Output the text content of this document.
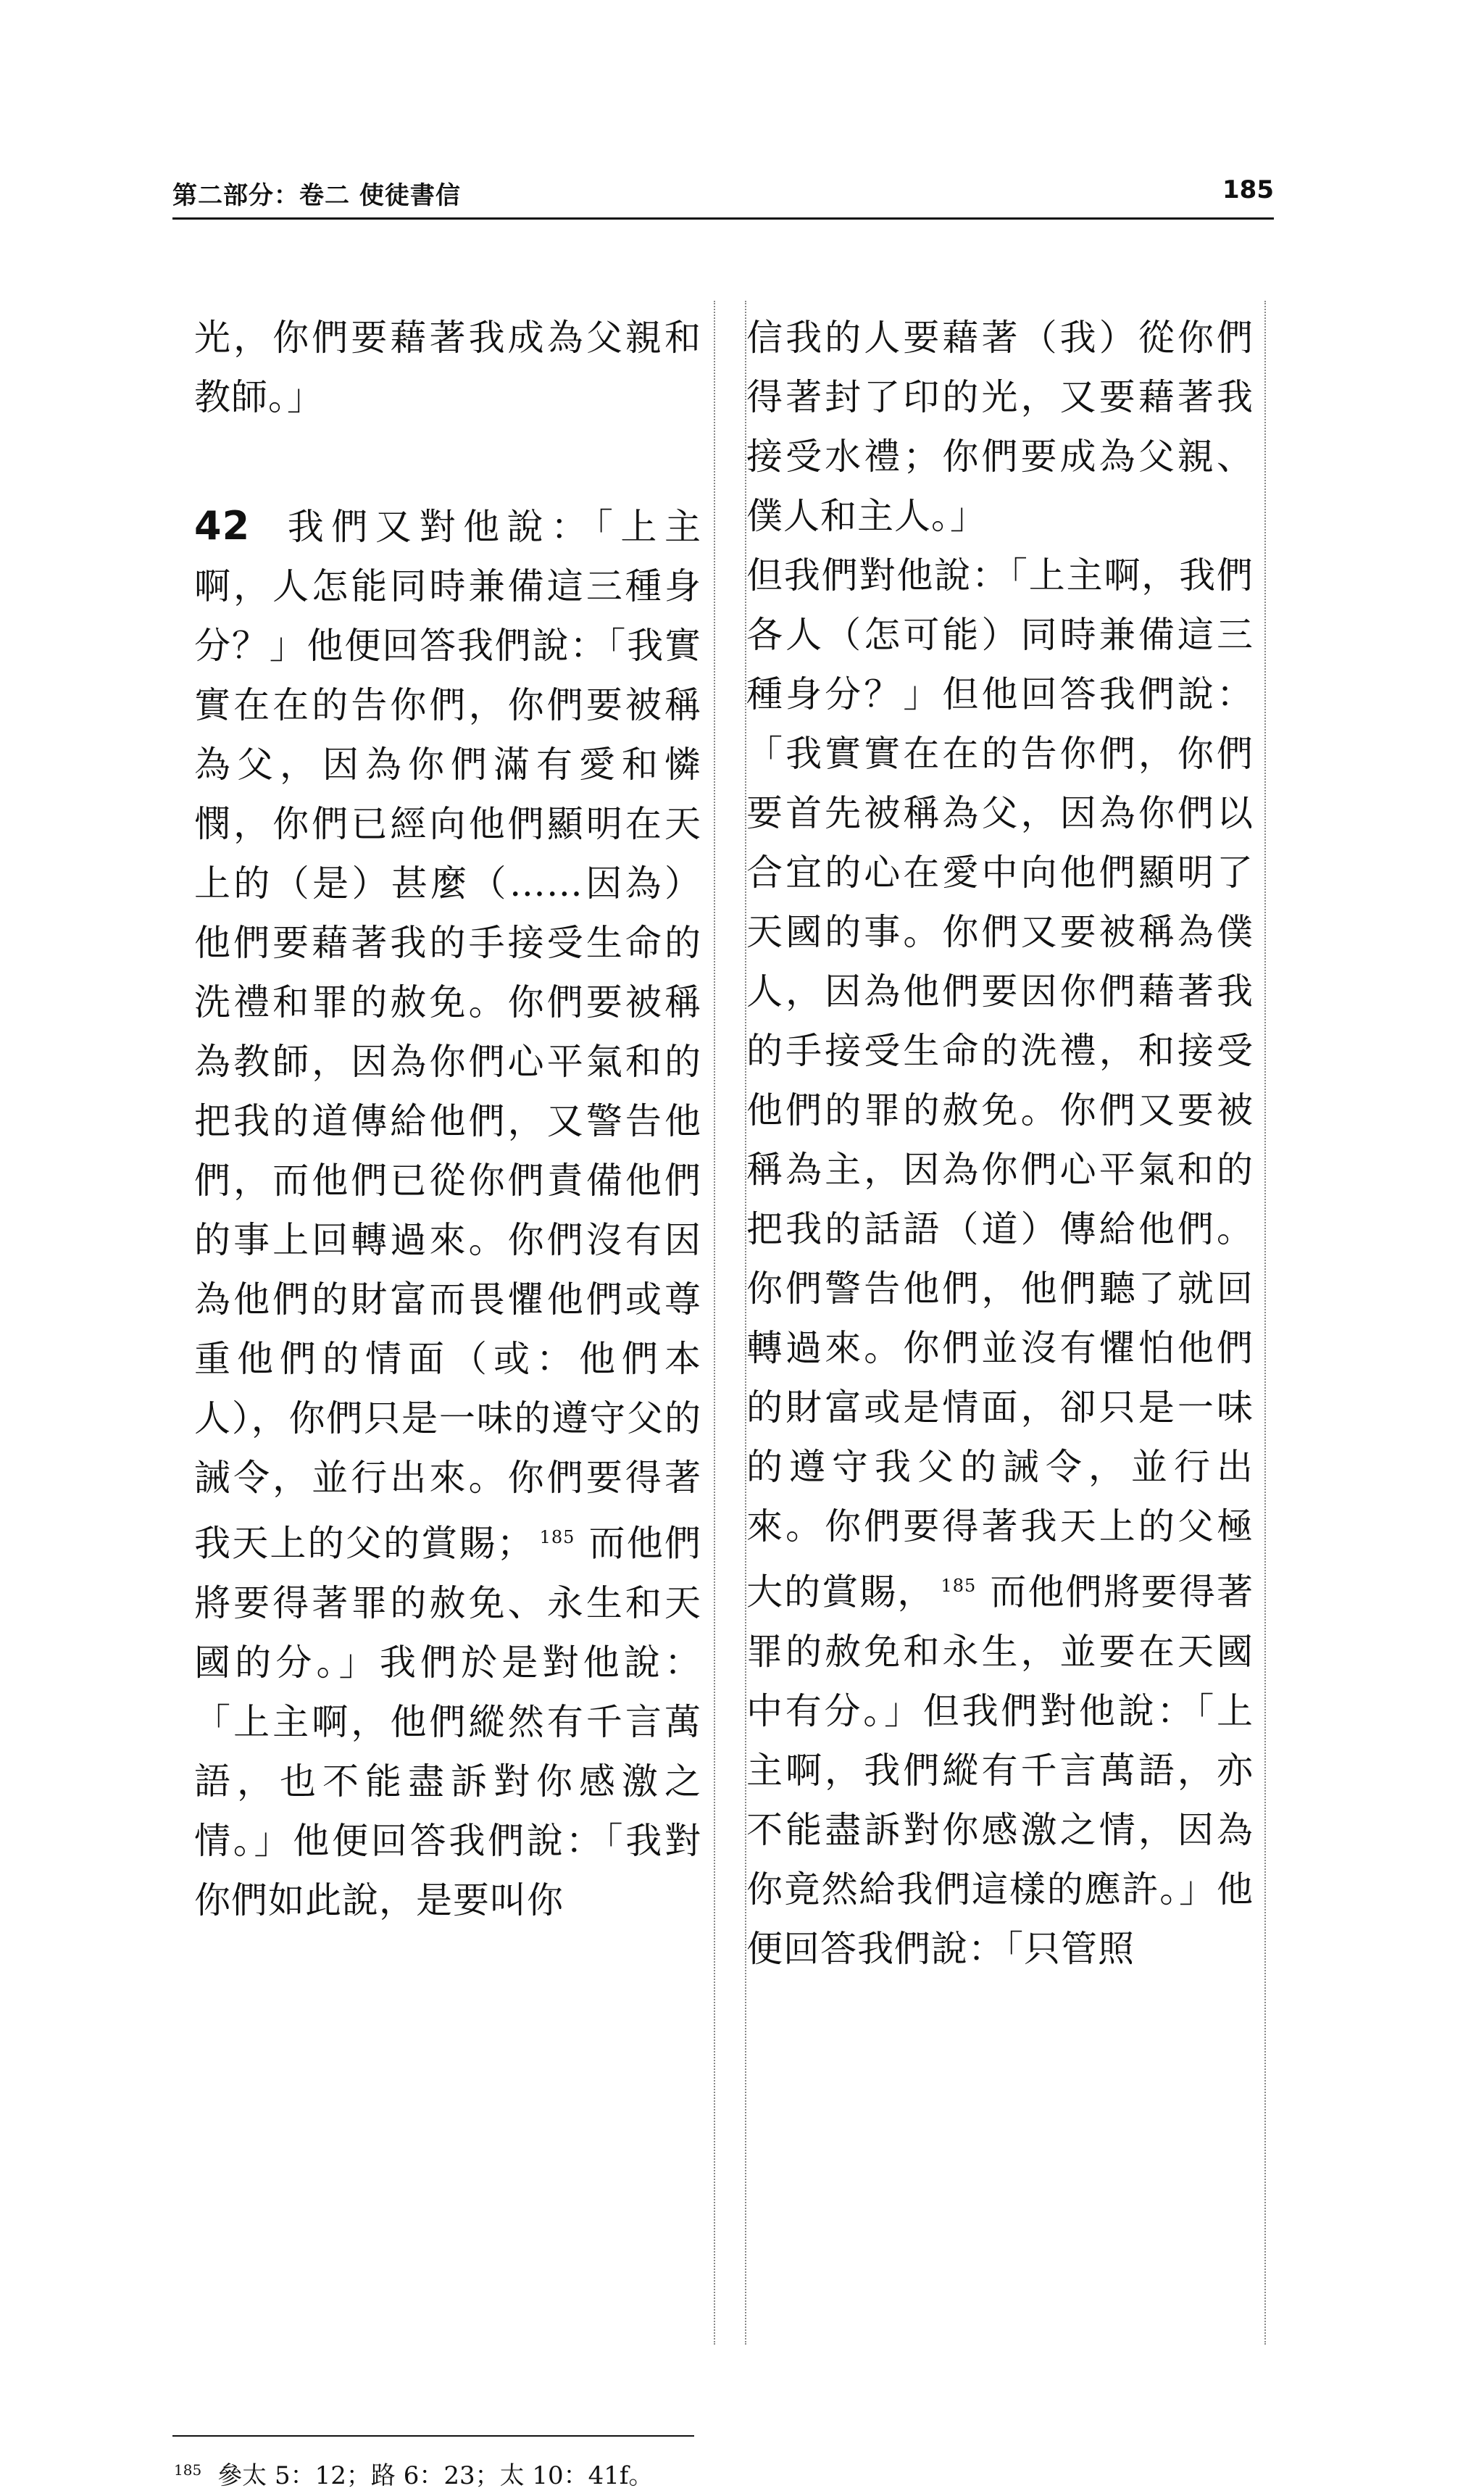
第二部分：卷二 使徒書信	185

光，你們要藉著我成為父親和教師。」

42 我們又對他說：「上主啊，人怎能同時兼備這三種身分？」他便回答我們說：「我實實在在的告你們，你們要被稱為父，因為你們滿有愛和憐憫，你們已經向他們顯明在天上的（是）甚麼（……因為）他們要藉著我的手接受生命的洗禮和罪的赦免。你們要被稱為教師，因為你們心平氣和的把我的道傳給他們，又警告他們，而他們已從你們責備他們的事上回轉過來。你們沒有因為他們的財富而畏懼他們或尊重他們的情面（或：他們本人），你們只是一味的遵守父的誡令，並行出來。你們要得著我天上的父的賞賜； $^{185}$ 而他們將要得著罪的赦免、永生和天國的分。」我們於是對他說：「上主啊，他們縱然有千言萬語，也不能盡訴對你感激之情。」他便回答我們說：「我對你們如此說，是要叫你

信我的人要藉著（我）從你們得著封了印的光，又要藉著我接受水禮；你們要成為父親、僕人和主人。」

但我們對他說：「上主啊，我們各人（怎可能）同時兼備這三種身分？」但他回答我們說：「我實實在在的告你們，你們要首先被稱為父，因為你們以合宜的心在愛中向他們顯明了天國的事。你們又要被稱為僕人，因為他們要因你們藉著我的手接受生命的洗禮，和接受他們的罪的赦免。你們又要被稱為主，因為你們心平氣和的把我的話語（道）傳給他們。你們警告他們，他們聽了就回轉過來。你們並沒有懼怕他們的財富或是情面，卻只是一味的遵守我父的誡令，並行出來。你們要得著我天上的父極大的賞賜， $^{185}$ 而他們將要得著罪的赦免和永生，並要在天國中有分。」但我們對他說：「上主啊，我們縱有千言萬語，亦不能盡訴對你感激之情，因為你竟然給我們這樣的應許。」他便回答我們說：「只管照

$^{185}$ 參太 5：12；路 6：23；太 10：41f。
